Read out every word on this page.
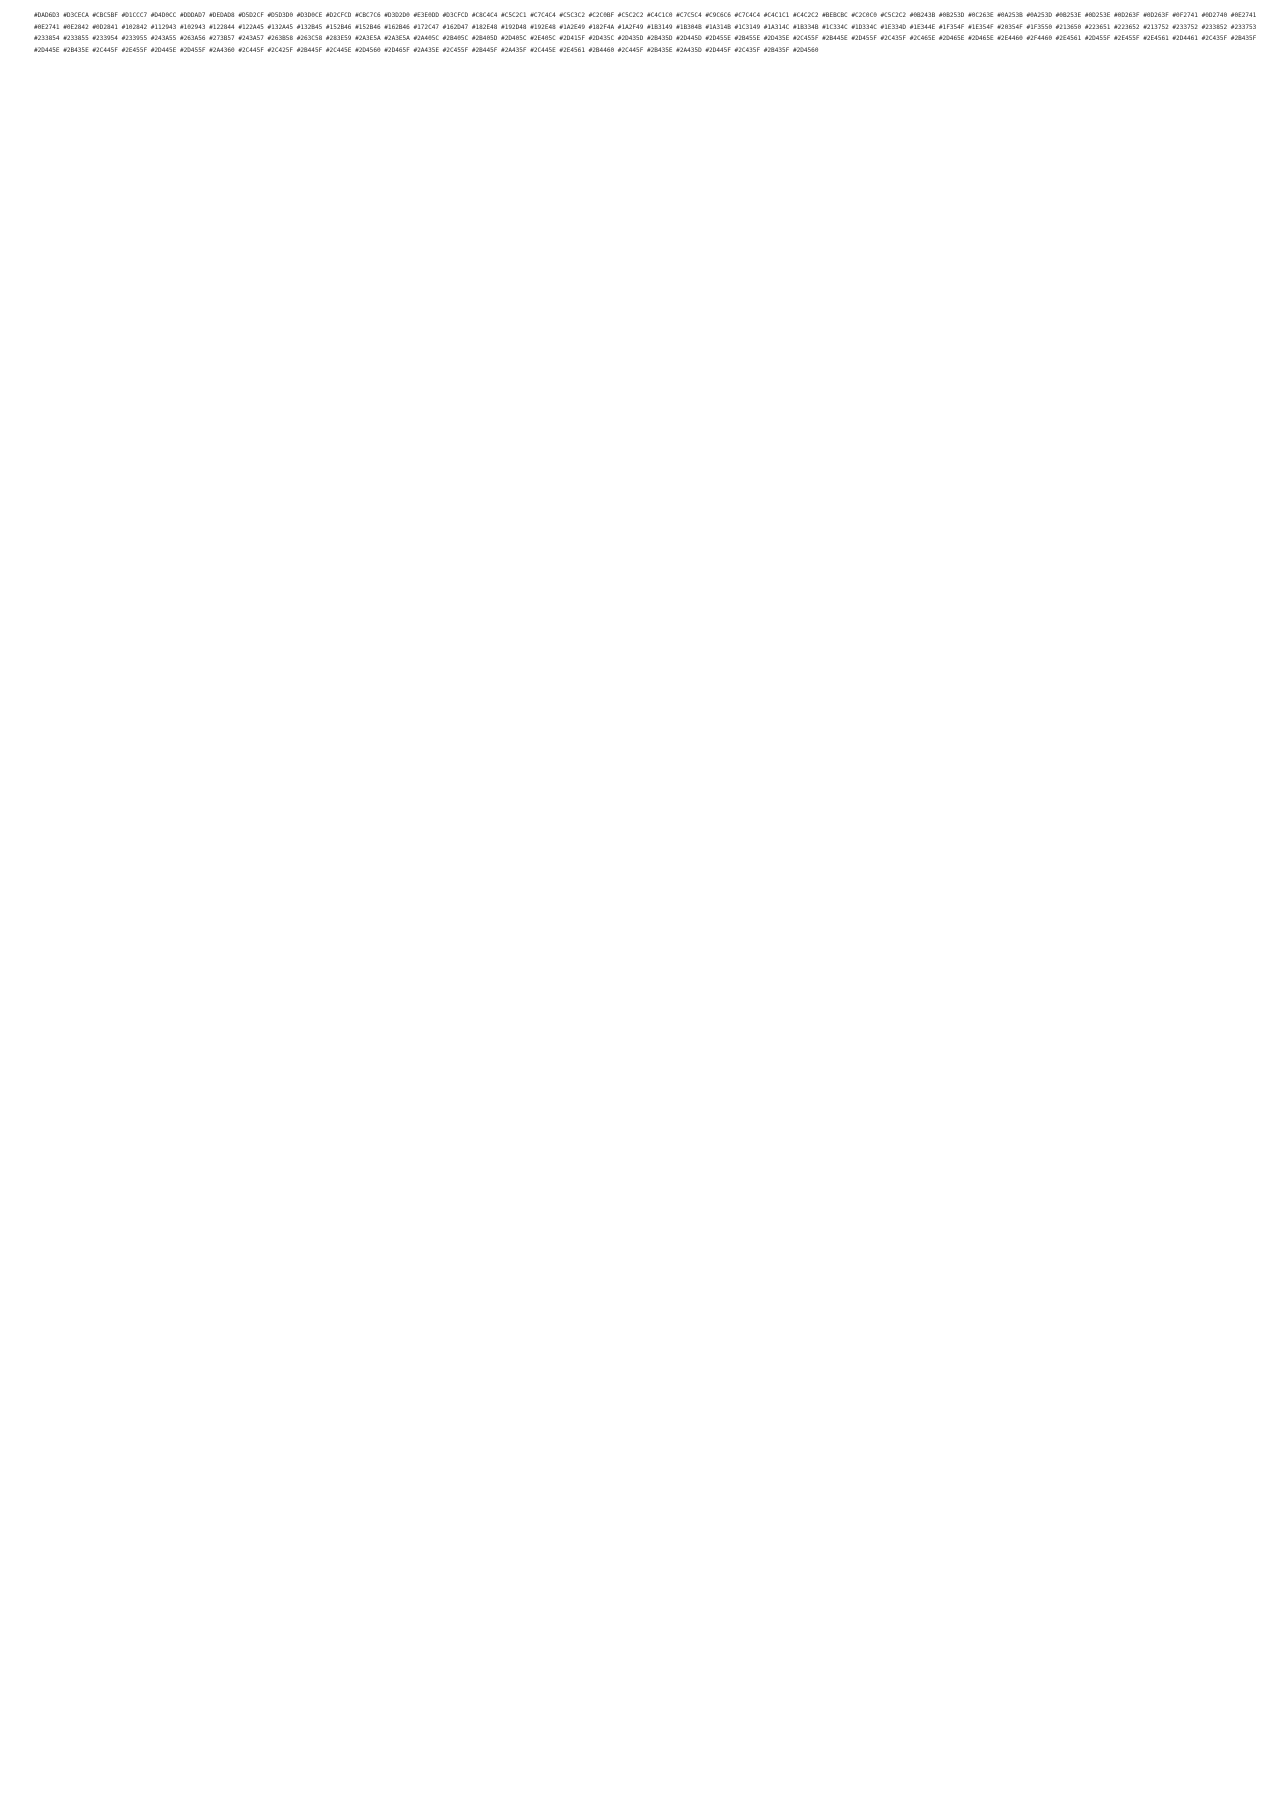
#DAD6D3 #D3CECA #CBC5BF #D1CCC7 #D4D0CC #DDDAD7 #DEDAD8 #D5D2CF #D5D3D0 #D3D0CE #D2CFCD #CBC7C6 #D3D2D0 #E3E0DD #D3CFCD #C8C4C4 #C5C2C1 #C7C4C4 #C5C3C2 #C2C0BF #C5C2C2 #C4C1C0 #C7C5C4 #C9C6C6 #C7C4C4 #C4C1C1 #C4C2C2 #BEBCBC #C2C0C0 #C5C2C2 #0B243B #0B253D #0C263E #0A253B #0A253D #0B253E #0D253E #0D263F #0D263F #0F2741 #0D2740 #0E2741 #0E2741 #0E2842 #0D2841 #102842 #112943 #102943 #122844 #122A45 #132A45 #132B45 #152B46 #152B46 #162B46 #172C47 #162D47 #182E48 #192D48 #192E48 #1A2E49 #182F4A #1A2F49 #1B3149 #1B304B #1A314B #1C3149 #1A314C #1B334B #1C334C #1D334C #1E334D #1E344E #1F354F #1E354F #20354F #1F3550 #213650 #223651 #223652 #213752 #233752 #233852 #233753 #233854 #233855 #233954 #233955 #243A55 #263A56 #273B57 #243A57 #263B58 #263C58 #283E59 #2A3E5A #2A3E5A #2A405C #2B405C #2B405D #2D405C #2E405C #2D415F #2D435C #2D435D #2B435D #2D445D #2D455E #2B455E #2D435E #2C455F #2B445E #2D455F #2C435F #2C465E #2D465E #2D465E #2E4460 #2F4460 #2E4561 #2D455F #2E455F #2E4561 #2D4461 #2C435F #2B435F #2D445E #2B435E #2C445F #2E455F #2D445E #2D455F #2A4360 #2C445F #2C425F #2B445F #2C445E #2D4560 #2D465F #2A435E #2C455F #2B445F #2A435F #2C445E #2E4561 #2B4460 #2C445F #2B435E #2A435D #2D445F #2C435F #2B435F #2D4560
